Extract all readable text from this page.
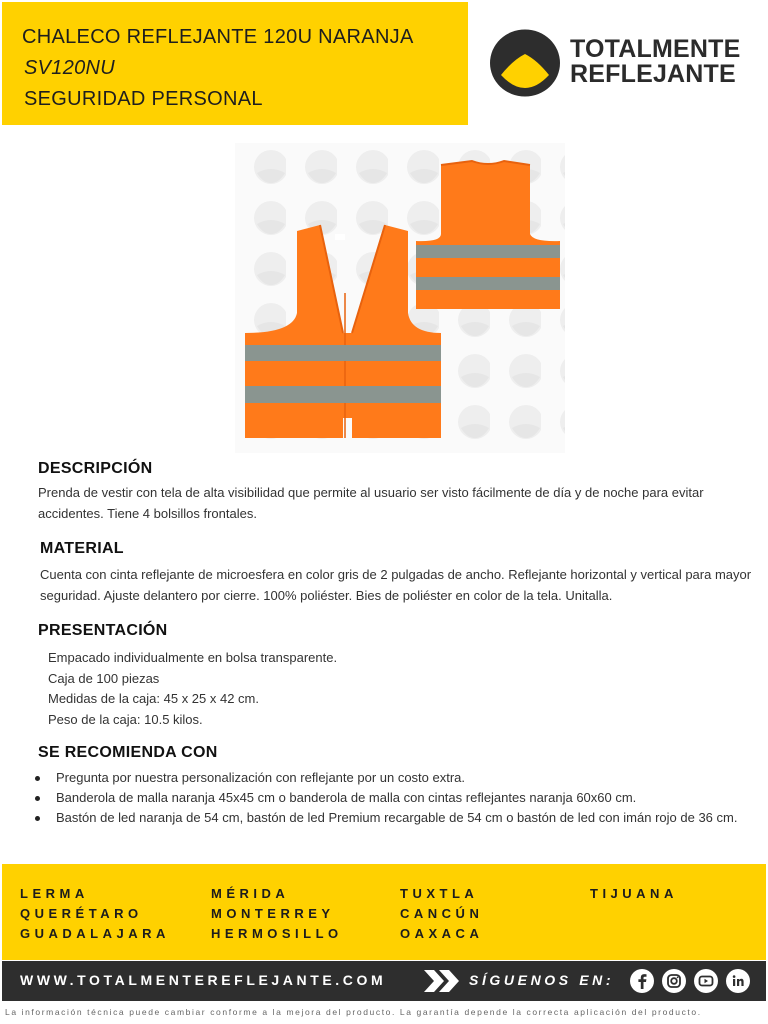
CHALECO REFLEJANTE 120U NARANJA
SV120NU
SEGURIDAD PERSONAL
TOTALMENTE
REFLEJANTE
DESCRIPCIÓN
Prenda de vestir con tela de alta visibilidad que permite al usuario ser visto fácilmente de día y de noche para evitar accidentes. Tiene 4 bolsillos frontales.
MATERIAL
Cuenta con cinta reflejante de microesfera en color gris de 2 pulgadas de ancho. Reflejante horizontal y vertical para mayor seguridad. Ajuste delantero por cierre. 100% poliéster. Bies de poliéster en color de la tela. Unitalla.
PRESENTACIÓN
Empacado individualmente en bolsa transparente.
Caja de 100 piezas
Medidas de la caja: 45 x 25 x 42 cm.
Peso de la caja: 10.5 kilos.
SE RECOMIENDA CON
Pregunta por nuestra personalización con reflejante por un costo extra.
Banderola de malla naranja 45x45 cm o banderola de malla con cintas reflejantes naranja 60x60 cm.
Bastón de led naranja de 54 cm, bastón de led Premium recargable de 54 cm o bastón de led con imán rojo de 36 cm.
LERMA
QUERÉTARO
GUADALAJARA
MÉRIDA
MONTERREY
HERMOSILLO
TUXTLA
CANCÚN
OAXACA
TIJUANA
WWW.TOTALMENTEREFLEJANTE.COM	SÍGUENOS EN:
La información técnica puede cambiar conforme a la mejora del producto. La garantía depende la correcta aplicación del producto.
